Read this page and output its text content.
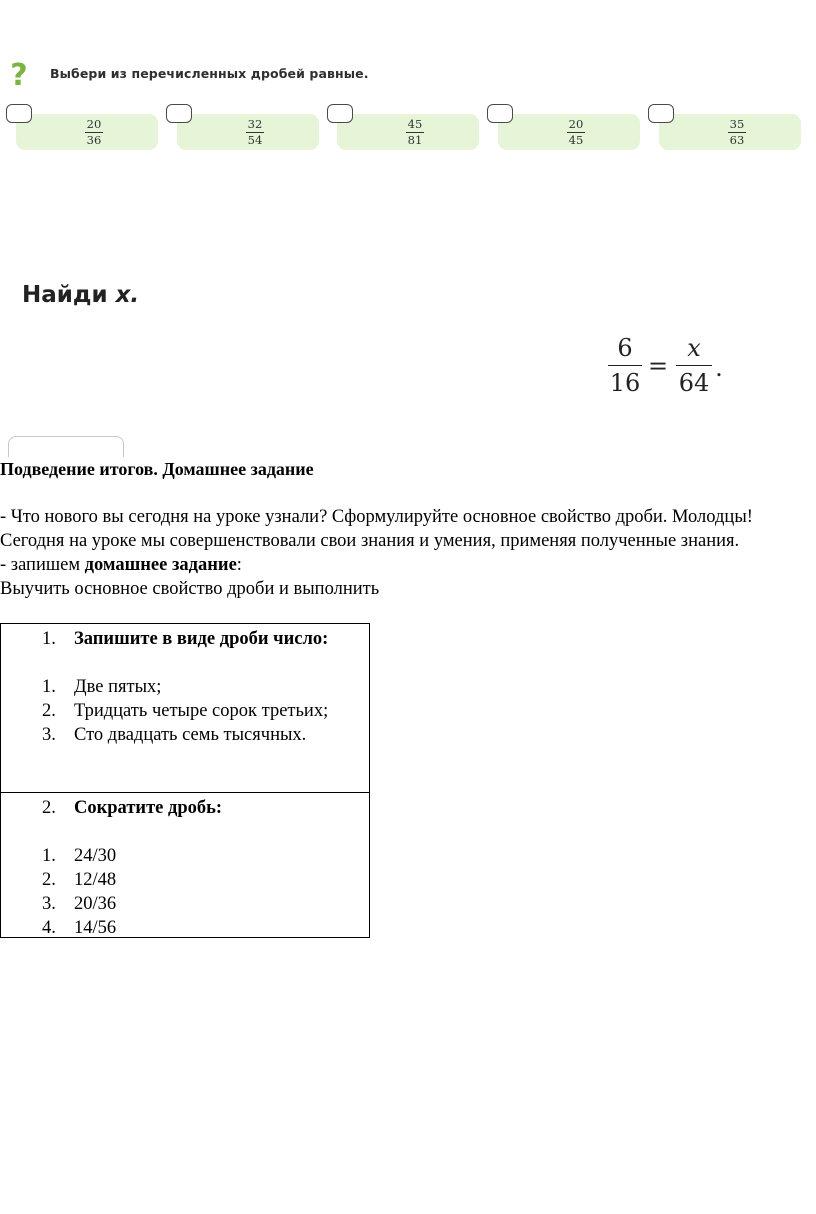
? Выбери из перечисленных дробей равные.
20
36
32
54
45
81
20
45
35
63
Найди x.
6
16
=
x
64
.
Подведение итогов. Домашнее задание

- Что нового вы сегодня на уроке узнали? Сформулируйте основное свойство дроби. Молодцы! Сегодня на уроке мы совершенствовали свои знания и умения, применяя полученные знания.

- запишем домашнее задание:

Выучить основное свойство дроби и выполнить

1. Запишите в виде дроби число:
1. Две пятых;
2. Тридцать четыре сорок третьих;
3. Сто двадцать семь тысячных.
2. Сократите дробь:
1. 24/30
2. 12/48
3. 20/36
4. 14/56
